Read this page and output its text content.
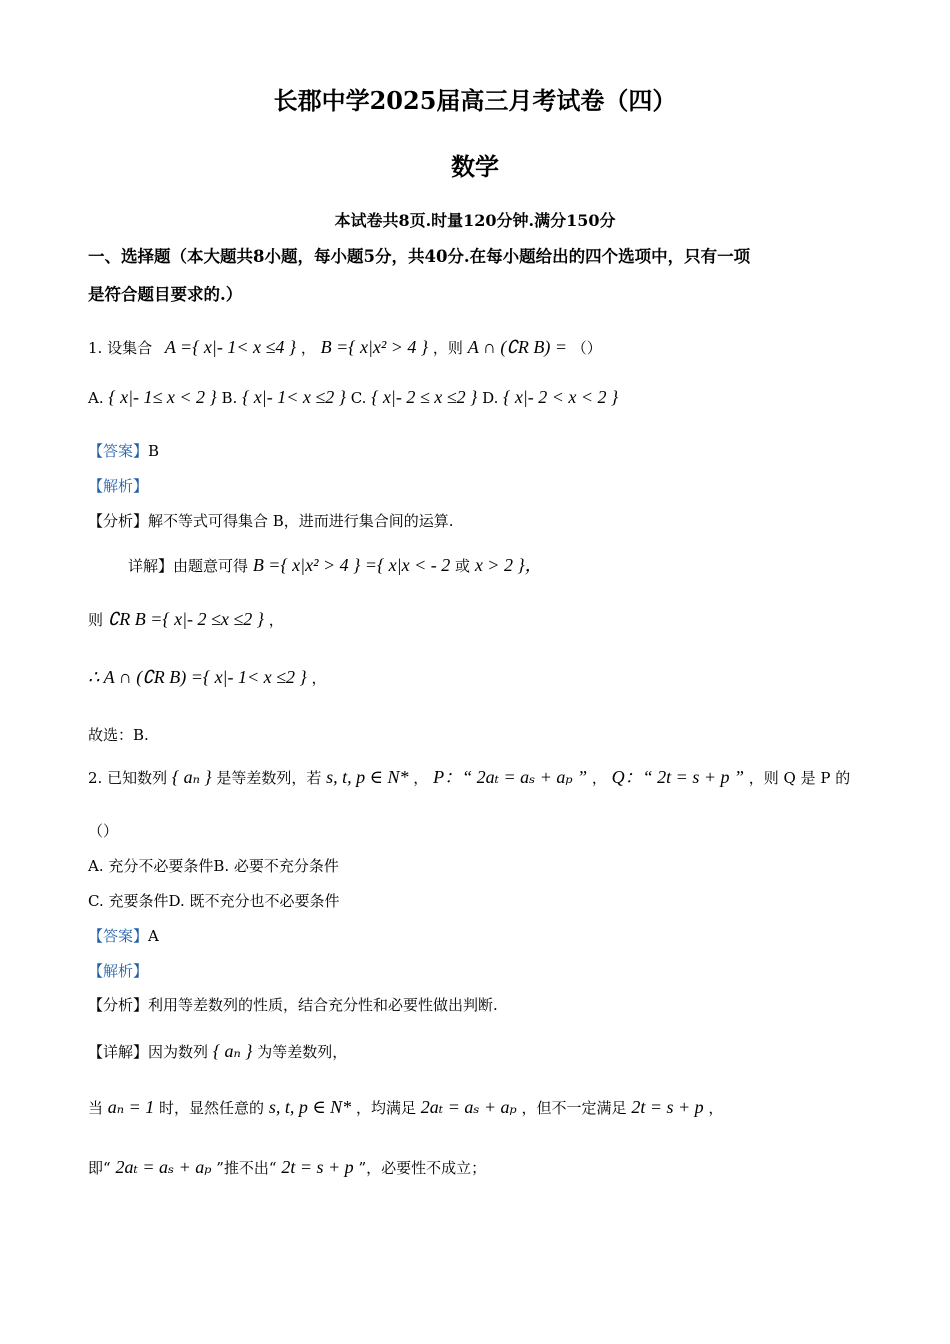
长郡中学2025届高三月考试卷（四）
数学
本试卷共8页.时量120分钟.满分150分
一、选择题（本大题共8小题，每小题5分，共40分.在每小题给出的四个选项中，只有一项
是符合题目要求的.）
1. 设集合 A ={ x|- 1< x ≤4 } ， B ={ x|x² > 4 } ，则 A ∩ (∁R B) = （）
A. { x|- 1≤ x < 2 } B. { x|- 1< x ≤2 } C. { x|- 2 ≤ x ≤2 } D. { x|- 2 < x < 2 }
【答案】B
【解析】
【分析】解不等式可得集合 B，进而进行集合间的运算.
详解】由题意可得 B ={ x|x² > 4 } ={ x|x < - 2 或 x > 2 }，
则 ∁R B ={ x|- 2 ≤x ≤2 } ，
∴ A ∩ (∁R B) ={ x|- 1< x ≤2 } ，
故选：B.
2. 已知数列 { aₙ } 是等差数列，若 s, t, p ∈ N* ， P：“ 2aₜ = aₛ + aₚ ” ， Q：“ 2t = s + p ” ，则 Q 是 P 的
（）
A. 充分不必要条件B. 必要不充分条件
C. 充要条件D. 既不充分也不必要条件
【答案】A
【解析】
【分析】利用等差数列的性质，结合充分性和必要性做出判断.
【详解】因为数列 { aₙ } 为等差数列，
当 aₙ = 1 时，显然任意的 s, t, p ∈ N* ，均满足 2aₜ = aₛ + aₚ ，但不一定满足 2t = s + p ，
即“ 2aₜ = aₛ + aₚ ”推不出“ 2t = s + p ”，必要性不成立；
